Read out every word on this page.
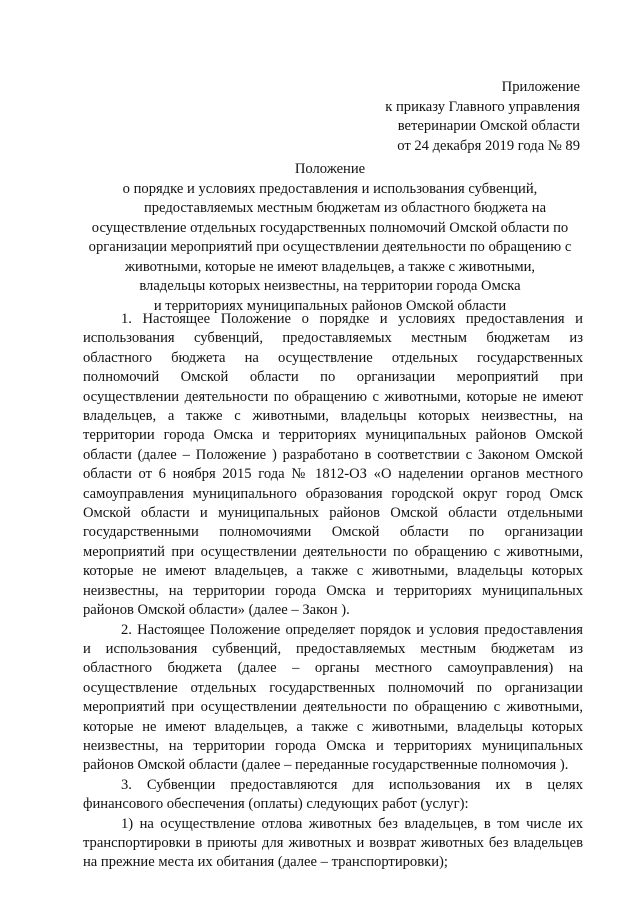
Приложение
к приказу Главного управления
ветеринарии Омской области
от 24 декабря 2019 года № 89
Положение
о порядке и условиях предоставления и использования субвенций,
предоставляемых местным бюджетам из областного бюджета на
осуществление отдельных государственных полномочий Омской области по
организации мероприятий при осуществлении деятельности по обращению с
животными, которые не имеют владельцев, а также с животными,
владельцы которых неизвестны, на территории города Омска
и территориях муниципальных районов Омской области

1. Настоящее Положение о порядке и условиях предоставления и
использования субвенций, предоставляемых местным бюджетам из
областного бюджета на осуществление отдельных государственных
полномочий Омской области по организации мероприятий при
осуществлении деятельности по обращению с животными, которые не имеют
владельцев, а также с животными, владельцы которых неизвестны, на
территории города Омска и территориях муниципальных районов Омской
области (далее – Положение ) разработано в соответствии с Законом Омской
области от 6 ноября 2015 года № 1812-ОЗ «О наделении органов местного
самоуправления муниципального образования городской округ город Омск
Омской области и муниципальных районов Омской области отдельными
государственными полномочиями Омской области по организации
мероприятий при осуществлении деятельности по обращению с животными,
которые не имеют владельцев, а также с животными, владельцы которых
неизвестны, на территории города Омска и территориях муниципальных
районов Омской области» (далее – Закон ).

2. Настоящее Положение определяет порядок и условия предоставления
и использования субвенций, предоставляемых местным бюджетам из
областного бюджета (далее – органы местного самоуправления) на
осуществление отдельных государственных полномочий по организации
мероприятий при осуществлении деятельности по обращению с животными,
которые не имеют владельцев, а также с животными, владельцы которых
неизвестны, на территории города Омска и территориях муниципальных
районов Омской области (далее – переданные государственные полномочия ).

3. Субвенции предоставляются для использования их в целях
финансового обеспечения (оплаты) следующих работ (услуг):

1) на осуществление отлова животных без владельцев, в том числе их
транспортировки в приюты для животных и возврат животных без владельцев
на прежние места их обитания (далее – транспортировки);
